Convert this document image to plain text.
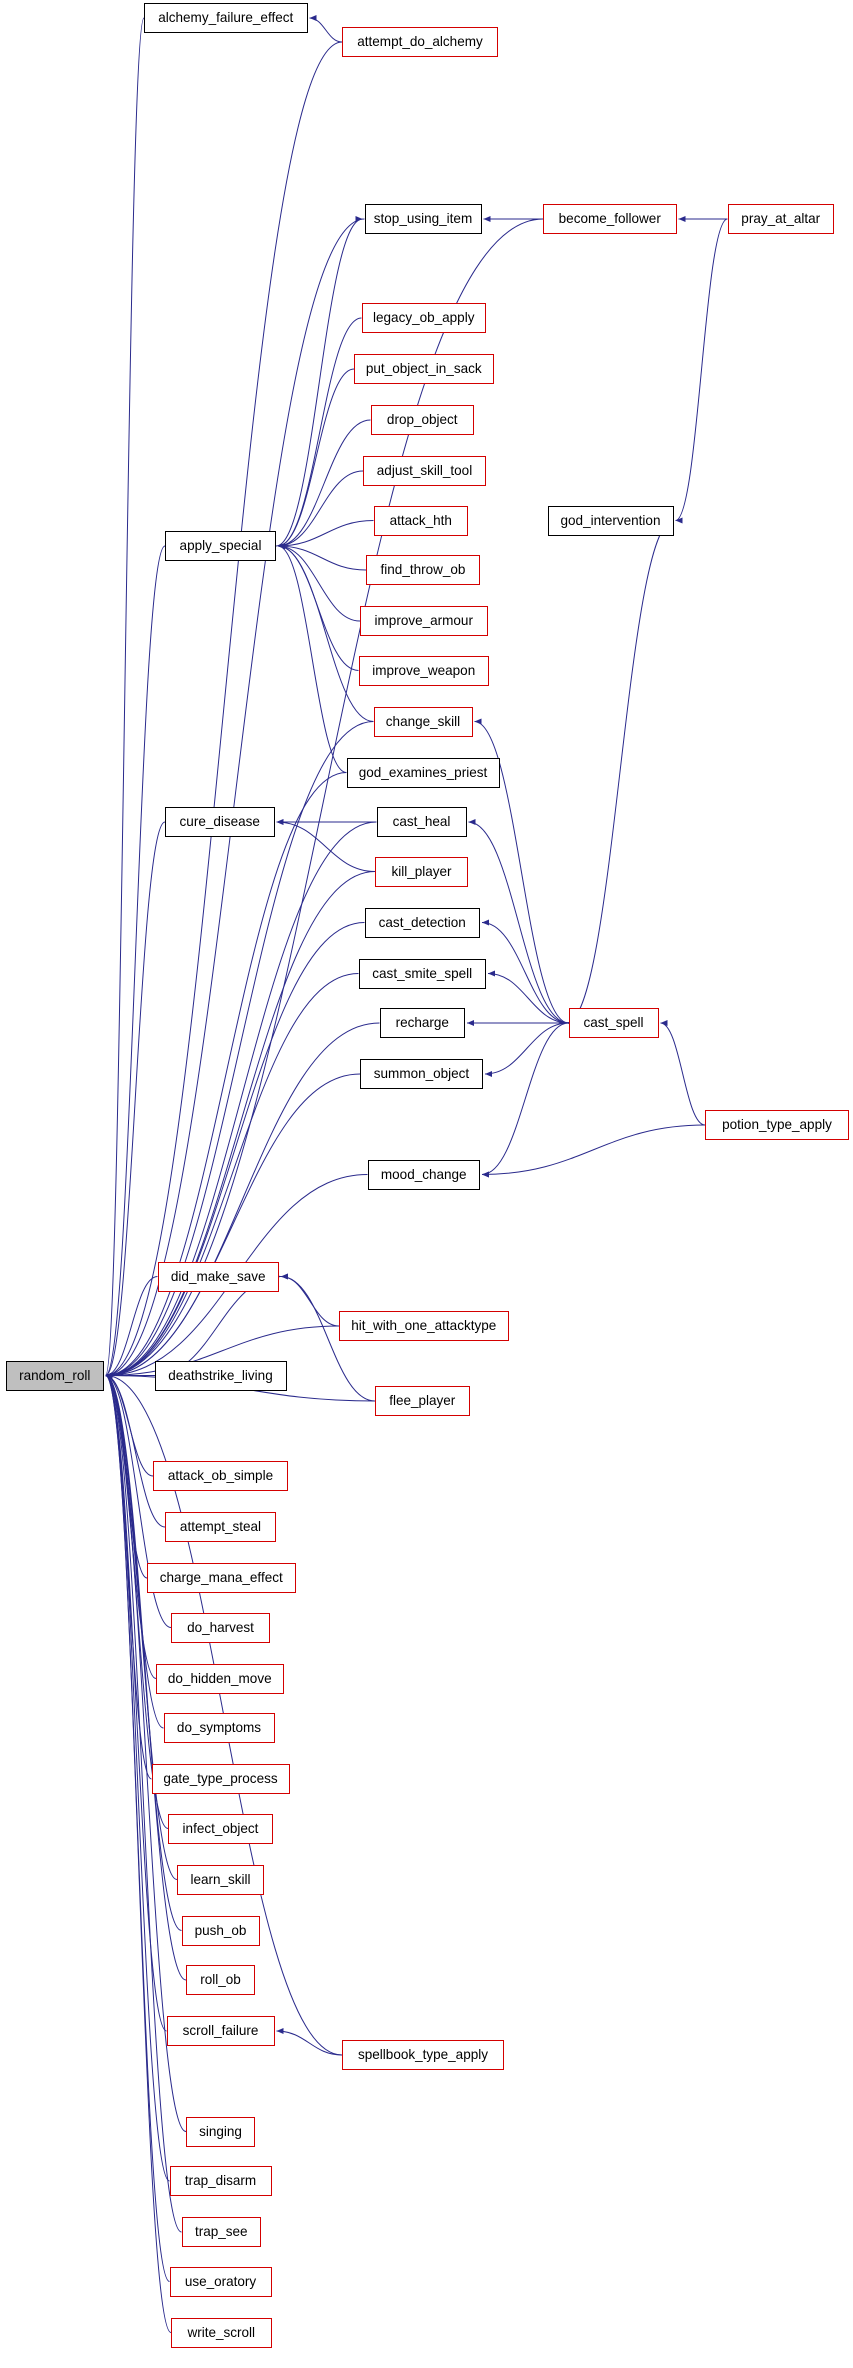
alchemy_failure_effect
attempt_do_alchemy
stop_using_item	become_follower	pray_at_altar
legacy_ob_apply
put_object_in_sack
drop_object
adjust_skill_tool
attack_hth
apply_special
find_throw_ob
god_intervention
improve_armour
improve_weapon
change_skill
god_examines_priest
cure_disease	cast_heal
kill_player
cast_detection
cast_smite_spell
recharge	cast_spell
summon_object
potion_type_apply
mood_change
did_make_save
hit_with_one_attacktype
random_roll	deathstrike_living
flee_player
attack_ob_simple
attempt_steal
charge_mana_effect
do_harvest
do_hidden_move
do_symptoms
gate_type_process
infect_object
learn_skill
push_ob
roll_ob
scroll_failure
spellbook_type_apply
singing
trap_disarm
trap_see
use_oratory
write_scroll
